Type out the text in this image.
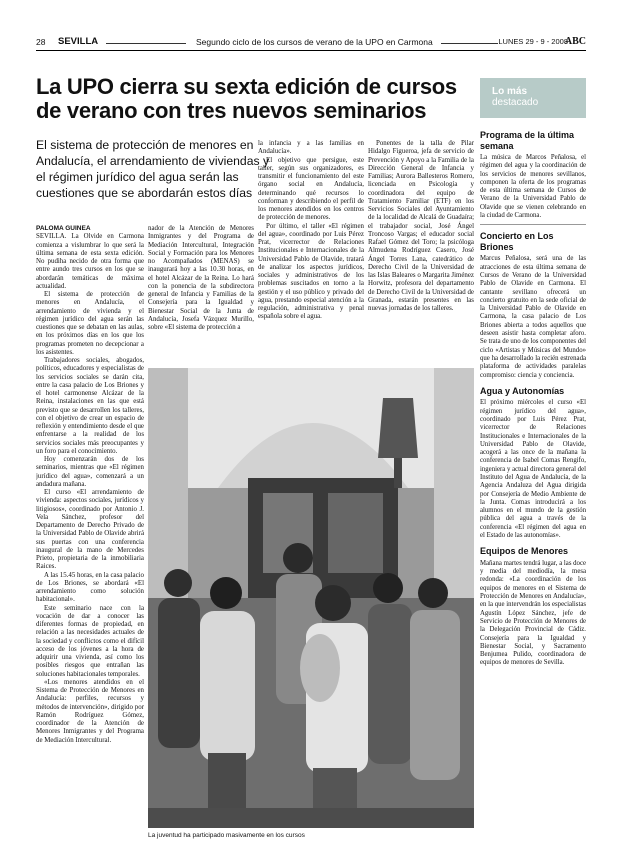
28 SEVILLA	Segundo ciclo de los cursos de verano de la UPO en Carmona	LUNES 29 - 9 - 2008
ABC
La UPO cierra su sexta edición de cursos de verano con tres nuevos seminarios

El sistema de protección de menores en Andalucía, el arrendamiento de viviendas y el régimen jurídico del agua serán las cuestiones que se abordarán estos días

PALOMA GUINEA

SEVILLA. La Olvide en Carmona comienza a vislumbrar lo que será la última semana de esta sexta edición. No pudiha necido de otra forma que entre aundo tres cursos en los que se abordarán temáticas de máxima actualidad.

El sistema de protección de menores en Andalucía, el arrendamiento de vivienda y el régimen jurídico del agua serán las cuestiones que se debatan en las aulas, en los próximos días en los que los programas prometen no decepcionar a los asistentes.

Trabajadores sociales, abogados, políticos, educadores y especialistas de los servicios sociales se darán cita, entre la casa palacio de Los Briones y el hotel carmonense Alcázar de la Reina, instalaciones en las que está previsto que se desarrollen los talleres, con el objetivo de crear un espacio de reflexión y entendimiento desde el que enfrentarse a la realidad de los servicios sociales más preocupantes y un foro para el conocimiento.

Hoy comenzarán dos de los seminarios, mientras que «El régimen jurídico del agua», comenzará a un andadura mañana.

El curso «El arrendamiento de vivienda: aspectos sociales, jurídicos y litigiosos», coordinado por Antonio J. Vela Sánchez, profesor del Departamento de Derecho Privado de la Universidad Pablo de Olavide abrirá sus puertas con una conferencia inaugural de la mano de Mercedes Prieto, propietaria de la inmobiliaria Raices.

A las 15.45 horas, en la casa palacio de Los Briones, se abordará «El arrendamiento como solución habitacional».

Este seminario nace con la vocación de dar a conocer las diferentes formas de propiedad, en relación a las necesidades actuales de la sociedad y conflictos como el difícil acceso de los jóvenes a la hora de adquirir una vivienda, así como los posibles riesgos que entrañan las soluciones habitacionales temporales.

«Los menores atendidos en el Sistema de Protección de Menores en Andalucía: perfiles, recursos y métodos de intervención», dirigido por Ramón Rodríguez Gómez, coordinador de la Atención de Menores Inmigrantes y del Programa de Mediación Intercultural.

nador de la Atención de Menores Inmigrantes y del Programa de Mediación Intercultural, Integración Social y Formación para los Menores no Acompañados (MENAS) se inaugurará hoy a las 10.30 horas, en el hotel Alcázar de la Reina. Lo hará con la ponencia de la subdirectora general de Infancia y Familias de la Consejería para la Igualdad y Bienestar Social de la Junta de Andalucía, Josefa Vázquez Murillo, sobre «El sistema de protección a

la infancia y a las familias en Andalucía».

El objetivo que persigue, este taller, según sus organizadores, es transmitir el funcionamiento del este órgano social en Andalucía, determinando qué recursos lo conforman y describiendo el perfil de los menores atendidos en los centros de protección de menores.

Por último, el taller «El régimen del agua», coordinado por Luis Pérez Prat, vicerrector de Relaciones Institucionales e Internacionales de la Universidad Pablo de Olavide, tratará de analizar los aspectos jurídicos, sociales y administrativos de los problemas suscitados en torno a la gestión y el uso público y privado del agua, prestando especial atención a la regulación, administrativa y penal española sobre el agua.

Ponentes de la talla de Pilar Hidalgo Figueroa, jefa de servicio de Prevención y Apoyo a la Familia de la Dirección General de Infancia y Familias; Aurora Ballesteros Romero, licenciada en Psicología y coordinadora del equipo de Tratamiento Familiar (ETF) en los Servicios Sociales del Ayuntamiento de la localidad de Alcalá de Guadaíra; el trabajador social, José Ángel Troncoso Vargas; el educador social Rafael Gómez del Toro; la psicóloga Almudena Rodríguez Casero, José Ángel Torres Lana, catedrático de Derecho Civil de la Universidad de las Islas Baleares o Margarita Jiménez Horwitz, profesora del departamento de Derecho Civil de la Universidad de Granada, estarán presentes en las nuevas jornadas de los talleres.

La juventud ha participado masivamente en los cursos
Lo más
destacado
Programa de la última semana

La música de Marcos Peñalosa, el régimen del agua y la coordinación de los servicios de menores sevillanos, componen la oferta de los programas de esta última semana de Cursos de Verano de la Universidad Pablo de Olavide que se vienen celebrando en la ciudad de Carmona.

Concierto en Los Briones

Marcus Peñalosa, será una de las atracciones de esta última semana de Cursos de Verano de la Universidad Pablo de Olavide en Carmona. El cantante sevillano ofrecerá un concierto gratuito en la sede oficial de la Universidad Pablo de Olavide en Carmona, la casa palacio de Los Briones abierta a todos aquellos que deseen asistir hasta completar aforo. Se trata de uno de los componentes del ciclo «Artistas y Músicas del Mundo» que ha desarrollado la recién estrenada plataforma de actividades paralelas compromiso: ciencia y conciencia.

Agua y Autonomías

El próximo miércoles el curso «El régimen jurídico del agua», coordinado por Luis Pérez Prat, vicerrector de Relaciones Institucionales e Internacionales de la Universidad Pablo de Olavide, acogerá a las once de la mañana la conferencia de Isabel Comas Rengifo, ingeniera y actual directora general del Instituto del Agua de Andalucía, de la Agencia Andaluza del Agua dirigida por Consejería de Medio Ambiente de la Junta. Comas introducirá a los alumnos en el mundo de la gestión pública del agua a través de la conferencia «El régimen del agua en el Estado de las autonomías».

Equipos de Menores

Mañana martes tendrá lugar, a las doce y media del mediodía, la mesa redonda: «La coordinación de los equipos de menores en el Sistema de Protección de Menores en Andalucía», en la que intervendrán los especialistas Agustín López Sánchez, jefe de Servicio de Protección de Menores de la Delegación Provincial de Cádiz. Consejería para la Igualdad y Bienestar Social, y Sacramento Benjumea Pulido, coordinadora de equipos de menores de Sevilla.
